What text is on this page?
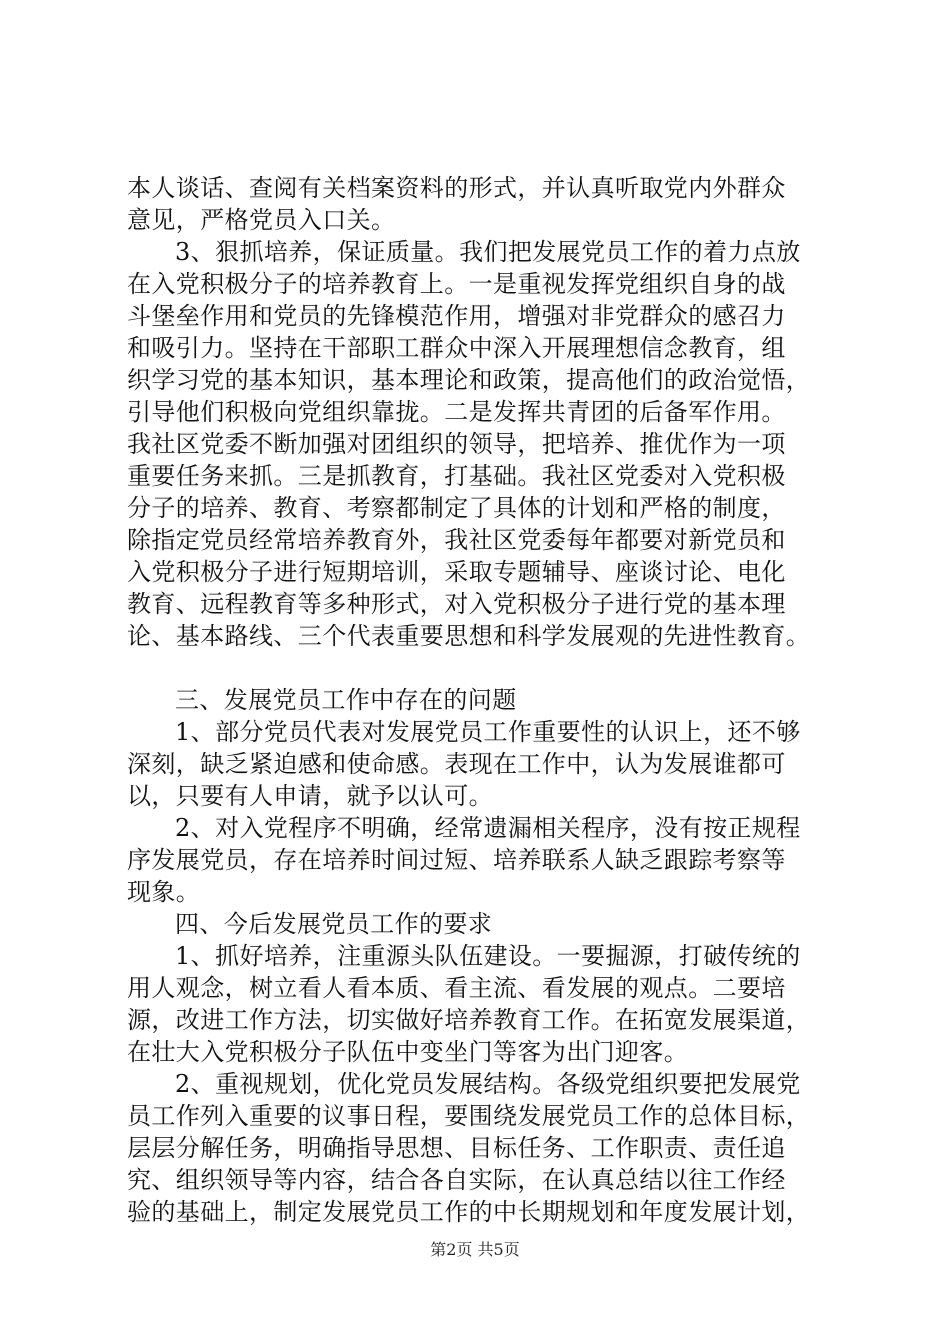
本人谈话、查阅有关档案资料的形式，并认真听取党内外群众
意见，严格党员入口关。
3、狠抓培养，保证质量。我们把发展党员工作的着力点放
在入党积极分子的培养教育上。一是重视发挥党组织自身的战
斗堡垒作用和党员的先锋模范作用，增强对非党群众的感召力
和吸引力。坚持在干部职工群众中深入开展理想信念教育，组
织学习党的基本知识，基本理论和政策，提高他们的政治觉悟，
引导他们积极向党组织靠拢。二是发挥共青团的后备军作用。
我社区党委不断加强对团组织的领导，把培养、推优作为一项
重要任务来抓。三是抓教育，打基础。我社区党委对入党积极
分子的培养、教育、考察都制定了具体的计划和严格的制度，
除指定党员经常培养教育外，我社区党委每年都要对新党员和
入党积极分子进行短期培训，采取专题辅导、座谈讨论、电化
教育、远程教育等多种形式，对入党积极分子进行党的基本理
论、基本路线、三个代表重要思想和科学发展观的先进性教育。
三、发展党员工作中存在的问题
1、部分党员代表对发展党员工作重要性的认识上，还不够
深刻，缺乏紧迫感和使命感。表现在工作中，认为发展谁都可
以，只要有人申请，就予以认可。
2、对入党程序不明确，经常遗漏相关程序，没有按正规程
序发展党员，存在培养时间过短、培养联系人缺乏跟踪考察等
现象。
四、今后发展党员工作的要求
1、抓好培养，注重源头队伍建设。一要掘源，打破传统的
用人观念，树立看人看本质、看主流、看发展的观点。二要培
源，改进工作方法，切实做好培养教育工作。在拓宽发展渠道，
在壮大入党积极分子队伍中变坐门等客为出门迎客。
2、重视规划，优化党员发展结构。各级党组织要把发展党
员工作列入重要的议事日程，要围绕发展党员工作的总体目标，
层层分解任务，明确指导思想、目标任务、工作职责、责任追
究、组织领导等内容，结合各自实际，在认真总结以往工作经
验的基础上，制定发展党员工作的中长期规划和年度发展计划，
第2页 共5页
